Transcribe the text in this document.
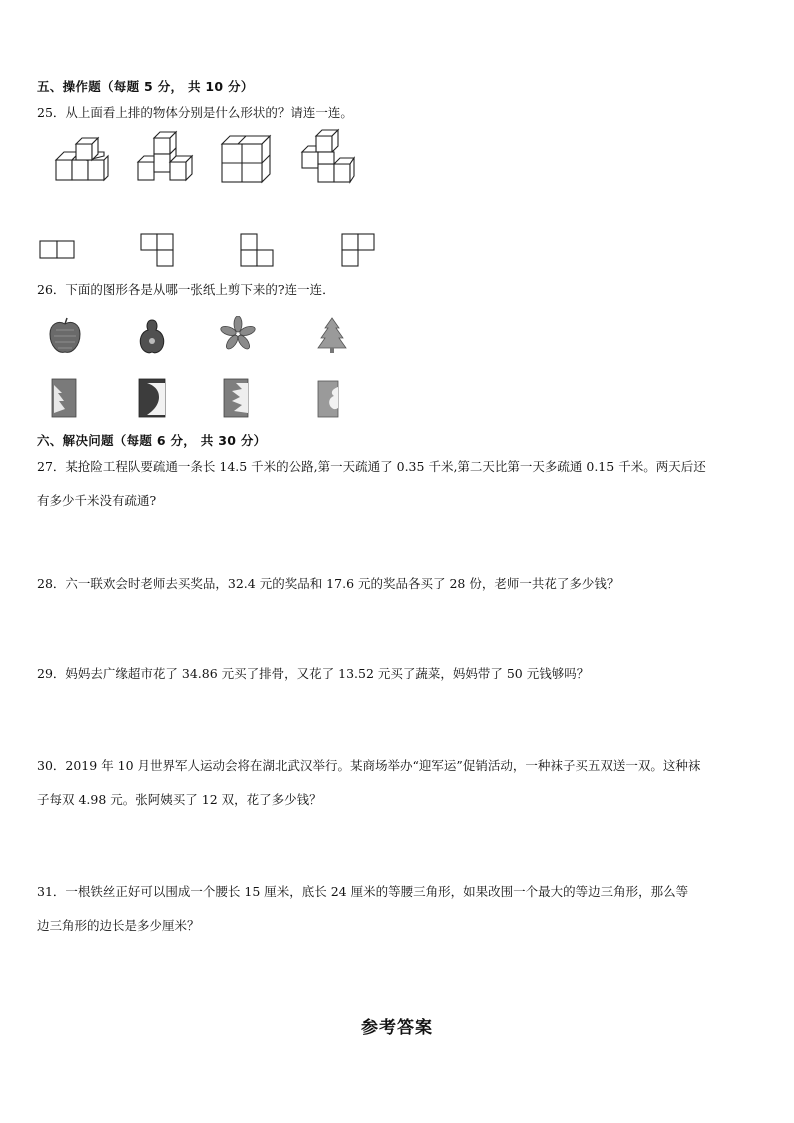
五、操作题（每题 5 分， 共 10 分）
25．从上面看上排的物体分别是什么形状的？请连一连。
26．下面的图形各是从哪一张纸上剪下来的?连一连．
六、解决问题（每题 6 分， 共 30 分）
27．某抢险工程队要疏通一条长 14.5 千米的公路,第一天疏通了 0.35 千米,第二天比第一天多疏通 0.15 千米。两天后还
有多少千米没有疏通?
28．六一联欢会时老师去买奖品，32.4 元的奖品和 17.6 元的奖品各买了 28 份，老师一共花了多少钱？
29．妈妈去广缘超市花了 34.86 元买了排骨，又花了 13.52 元买了蔬菜，妈妈带了 50 元钱够吗？
30．2019 年 10 月世界军人运动会将在湖北武汉举行。某商场举办“迎军运”促销活动，一种袜子买五双送一双。这种袜
子每双 4.98 元。张阿姨买了 12 双，花了多少钱？
31．一根铁丝正好可以围成一个腰长 15 厘米，底长 24 厘米的等腰三角形，如果改围一个最大的等边三角形，那么等
边三角形的边长是多少厘米？
参考答案
